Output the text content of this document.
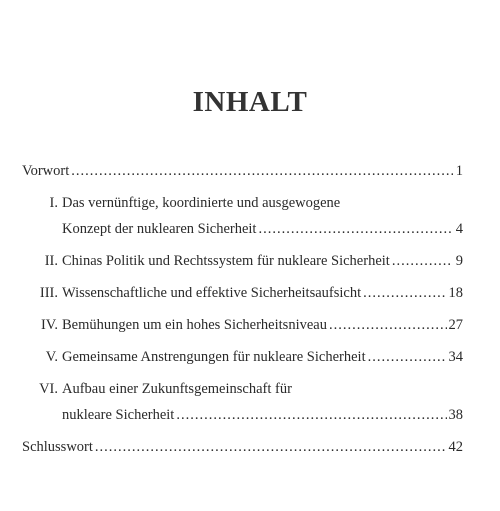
INHALT
Vorwort .....	1
I. Das vernünftige, koordinierte und ausgewogene
Konzept der nuklearen Sicherheit .....	4
II. Chinas Politik und Rechtssystem für nukleare Sicherheit .....	9
III. Wissenschaftliche und effektive Sicherheitsaufsicht .....	18
IV. Bemühungen um ein hohes Sicherheitsniveau .....	27
V. Gemeinsame Anstrengungen für nukleare Sicherheit .....	34
VI. Aufbau einer Zukunftsgemeinschaft für
nukleare Sicherheit .....	38
Schlusswort .....	42
